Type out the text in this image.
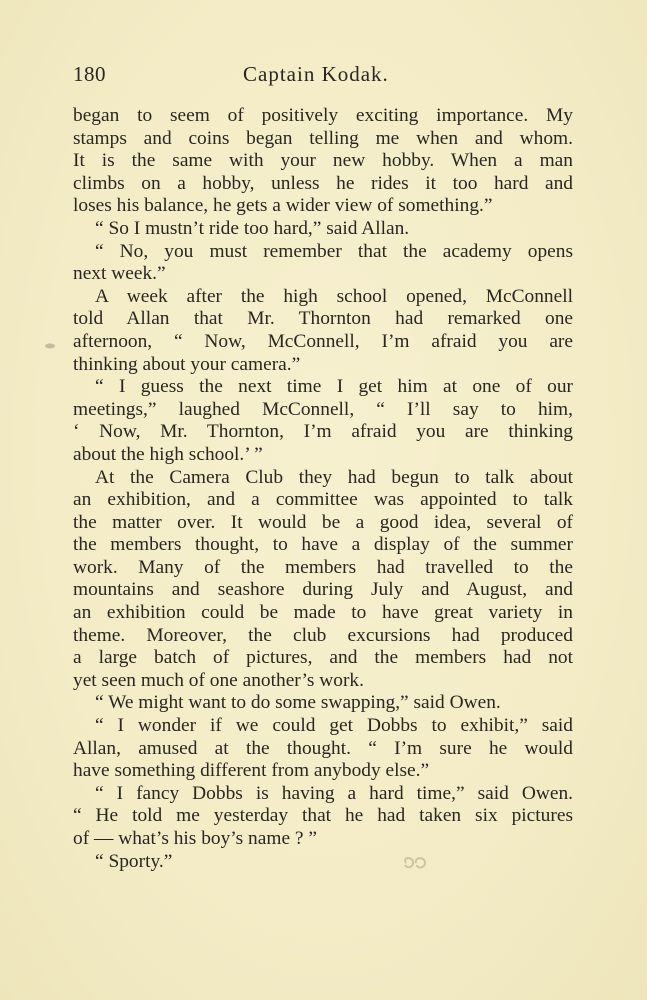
180	Captain Kodak.
began to seem of positively exciting importance. My
stamps and coins began telling me when and whom.
It is the same with your new hobby. When a man
climbs on a hobby, unless he rides it too hard and
loses his balance, he gets a wider view of something.”
“ So I mustn’t ride too hard,” said Allan.
“ No, you must remember that the academy opens
next week.”
A week after the high school opened, McConnell
told Allan that Mr. Thornton had remarked one
afternoon, “ Now, McConnell, I’m afraid you are
thinking about your camera.”
“ I guess the next time I get him at one of our
meetings,” laughed McConnell, “ I’ll say to him,
‘ Now, Mr. Thornton, I’m afraid you are thinking
about the high school.’ ”
At the Camera Club they had begun to talk about
an exhibition, and a committee was appointed to talk
the matter over. It would be a good idea, several of
the members thought, to have a display of the summer
work. Many of the members had travelled to the
mountains and seashore during July and August, and
an exhibition could be made to have great variety in
theme. Moreover, the club excursions had produced
a large batch of pictures, and the members had not
yet seen much of one another’s work.
“ We might want to do some swapping,” said Owen.
“ I wonder if we could get Dobbs to exhibit,” said
Allan, amused at the thought. “ I’m sure he would
have something different from anybody else.”
“ I fancy Dobbs is having a hard time,” said Owen.
“ He told me yesterday that he had taken six pictures
of — what’s his boy’s name ? ”
“ Sporty.”
